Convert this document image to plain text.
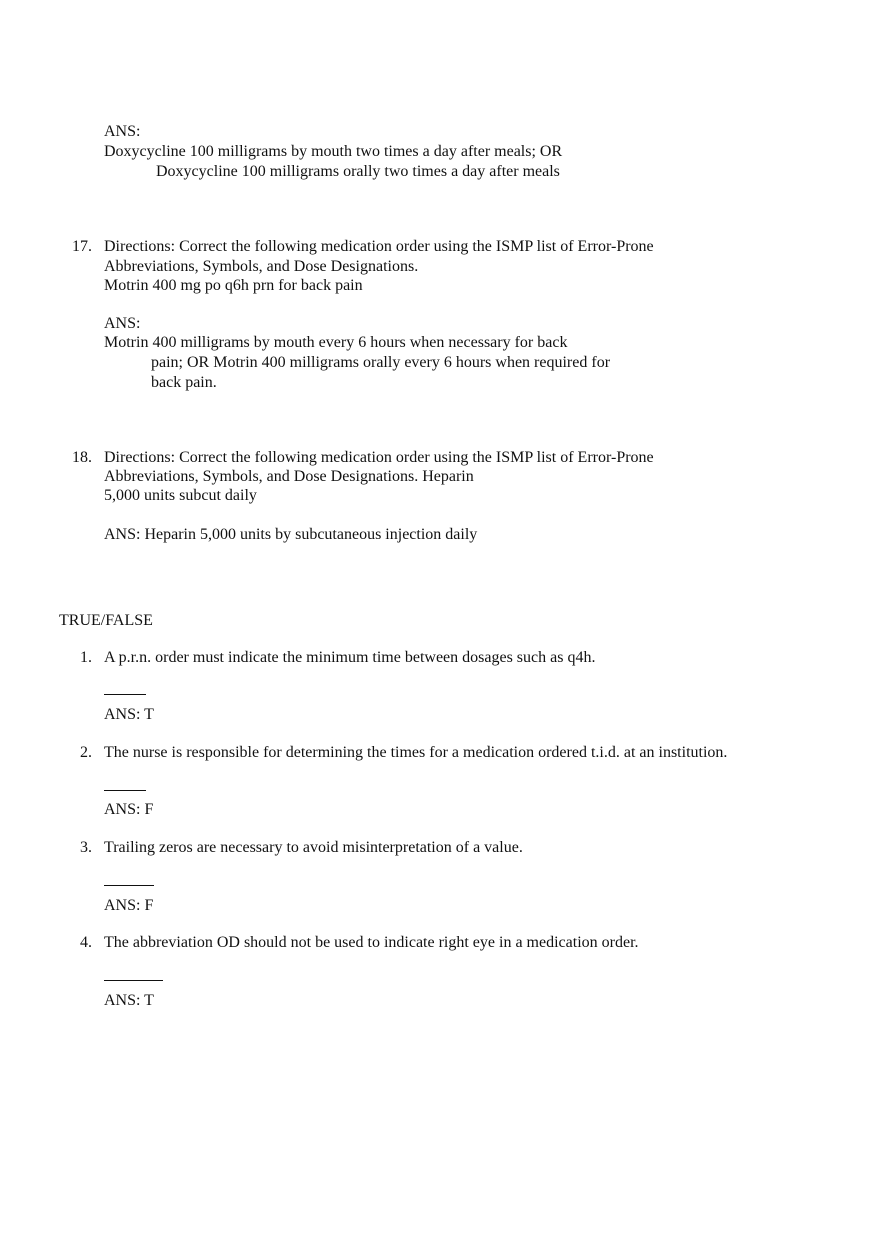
ANS:
Doxycycline 100 milligrams by mouth two times a day after meals; OR
Doxycycline 100 milligrams orally two times a day after meals
17. Directions: Correct the following medication order using the ISMP list of Error-Prone
Abbreviations, Symbols, and Dose Designations.
Motrin 400 mg po q6h prn for back pain
ANS:
Motrin 400 milligrams by mouth every 6 hours when necessary for back
pain; OR Motrin 400 milligrams orally every 6 hours when required for
back pain.
18. Directions: Correct the following medication order using the ISMP list of Error-Prone
Abbreviations, Symbols, and Dose Designations. Heparin
5,000 units subcut daily
ANS: Heparin 5,000 units by subcutaneous injection daily
TRUE/FALSE
1. A p.r.n. order must indicate the minimum time between dosages such as q4h.
ANS: T
2. The nurse is responsible for determining the times for a medication ordered t.i.d. at an institution.
ANS: F
3. Trailing zeros are necessary to avoid misinterpretation of a value.
ANS: F
4. The abbreviation OD should not be used to indicate right eye in a medication order.
ANS: T
